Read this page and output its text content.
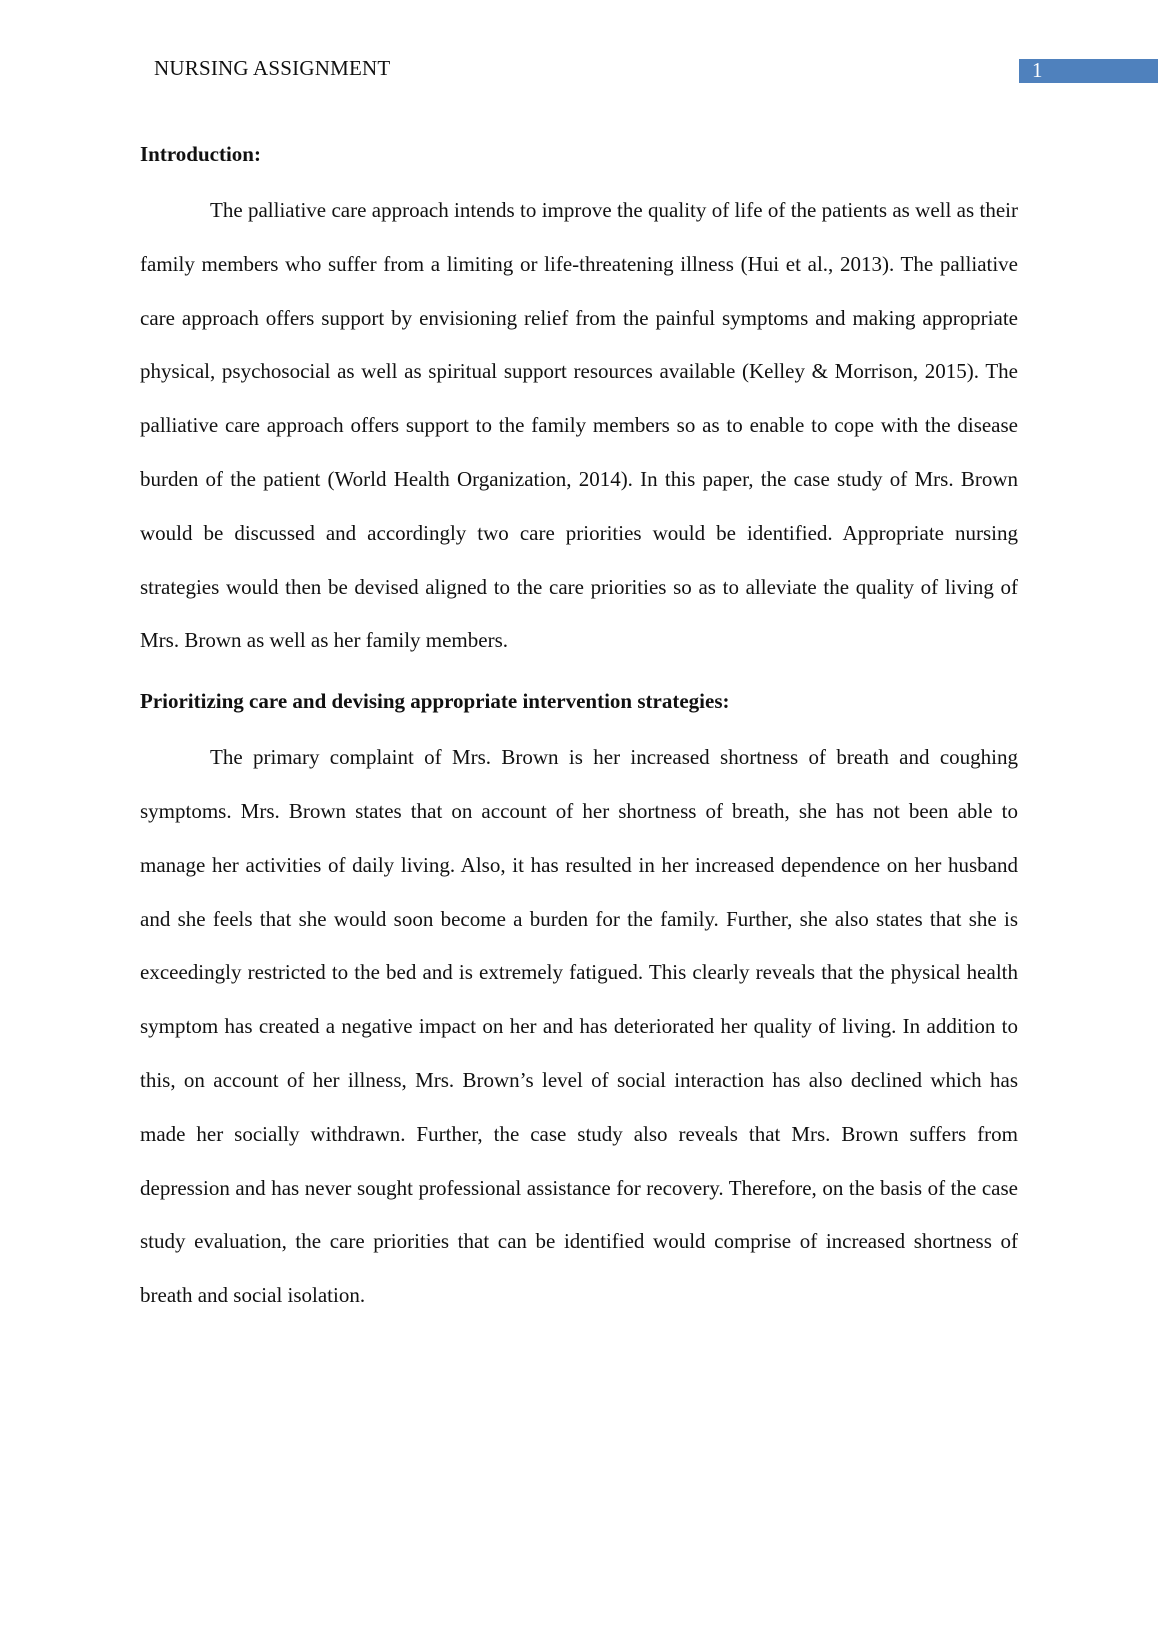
NURSING ASSIGNMENT	1
Introduction:

The palliative care approach intends to improve the quality of life of the patients as well as their family members who suffer from a limiting or life-threatening illness (Hui et al., 2013). The palliative care approach offers support by envisioning relief from the painful symptoms and making appropriate physical, psychosocial as well as spiritual support resources available (Kelley & Morrison, 2015). The palliative care approach offers support to the family members so as to enable to cope with the disease burden of the patient (World Health Organization, 2014). In this paper, the case study of Mrs. Brown would be discussed and accordingly two care priorities would be identified. Appropriate nursing strategies would then be devised aligned to the care priorities so as to alleviate the quality of living of Mrs. Brown as well as her family members.

Prioritizing care and devising appropriate intervention strategies:

The primary complaint of Mrs. Brown is her increased shortness of breath and coughing symptoms. Mrs. Brown states that on account of her shortness of breath, she has not been able to manage her activities of daily living. Also, it has resulted in her increased dependence on her husband and she feels that she would soon become a burden for the family. Further, she also states that she is exceedingly restricted to the bed and is extremely fatigued. This clearly reveals that the physical health symptom has created a negative impact on her and has deteriorated her quality of living. In addition to this, on account of her illness, Mrs. Brown’s level of social interaction has also declined which has made her socially withdrawn. Further, the case study also reveals that Mrs. Brown suffers from depression and has never sought professional assistance for recovery. Therefore, on the basis of the case study evaluation, the care priorities that can be identified would comprise of increased shortness of breath and social isolation.
